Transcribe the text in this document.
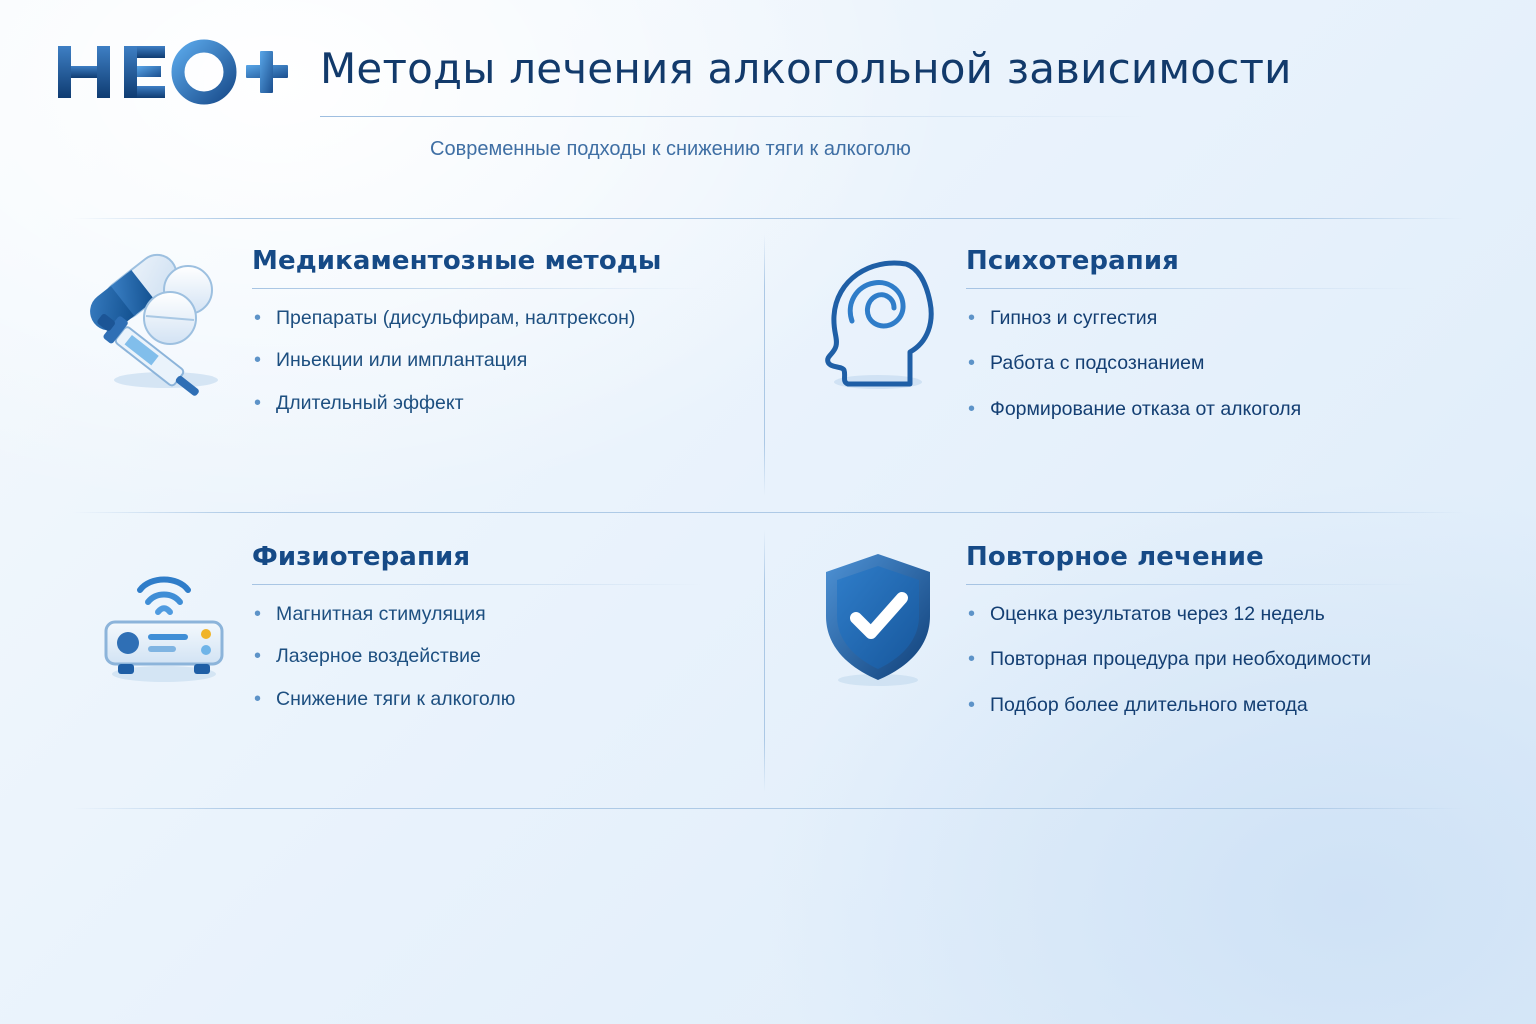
Методы лечения алкогольной зависимости
Современные подходы к снижению тяги к алкоголю
Медикаментозные методы
• Препараты (дисульфирам, налтрексон)
• Иньекции или имплантация
• Длительный эффект
Психотерапия
• Гипноз и суггестия
• Работа с подсознанием
• Формирование отказа от алкоголя
Физиотерапия
• Магнитная стимуляция
• Лазерное воздействие
• Снижение тяги к алкоголю
Повторное лечение
• Оценка результатов через 12 недель
• Повторная процедура при необходимости
• Подбор более длительного метода
